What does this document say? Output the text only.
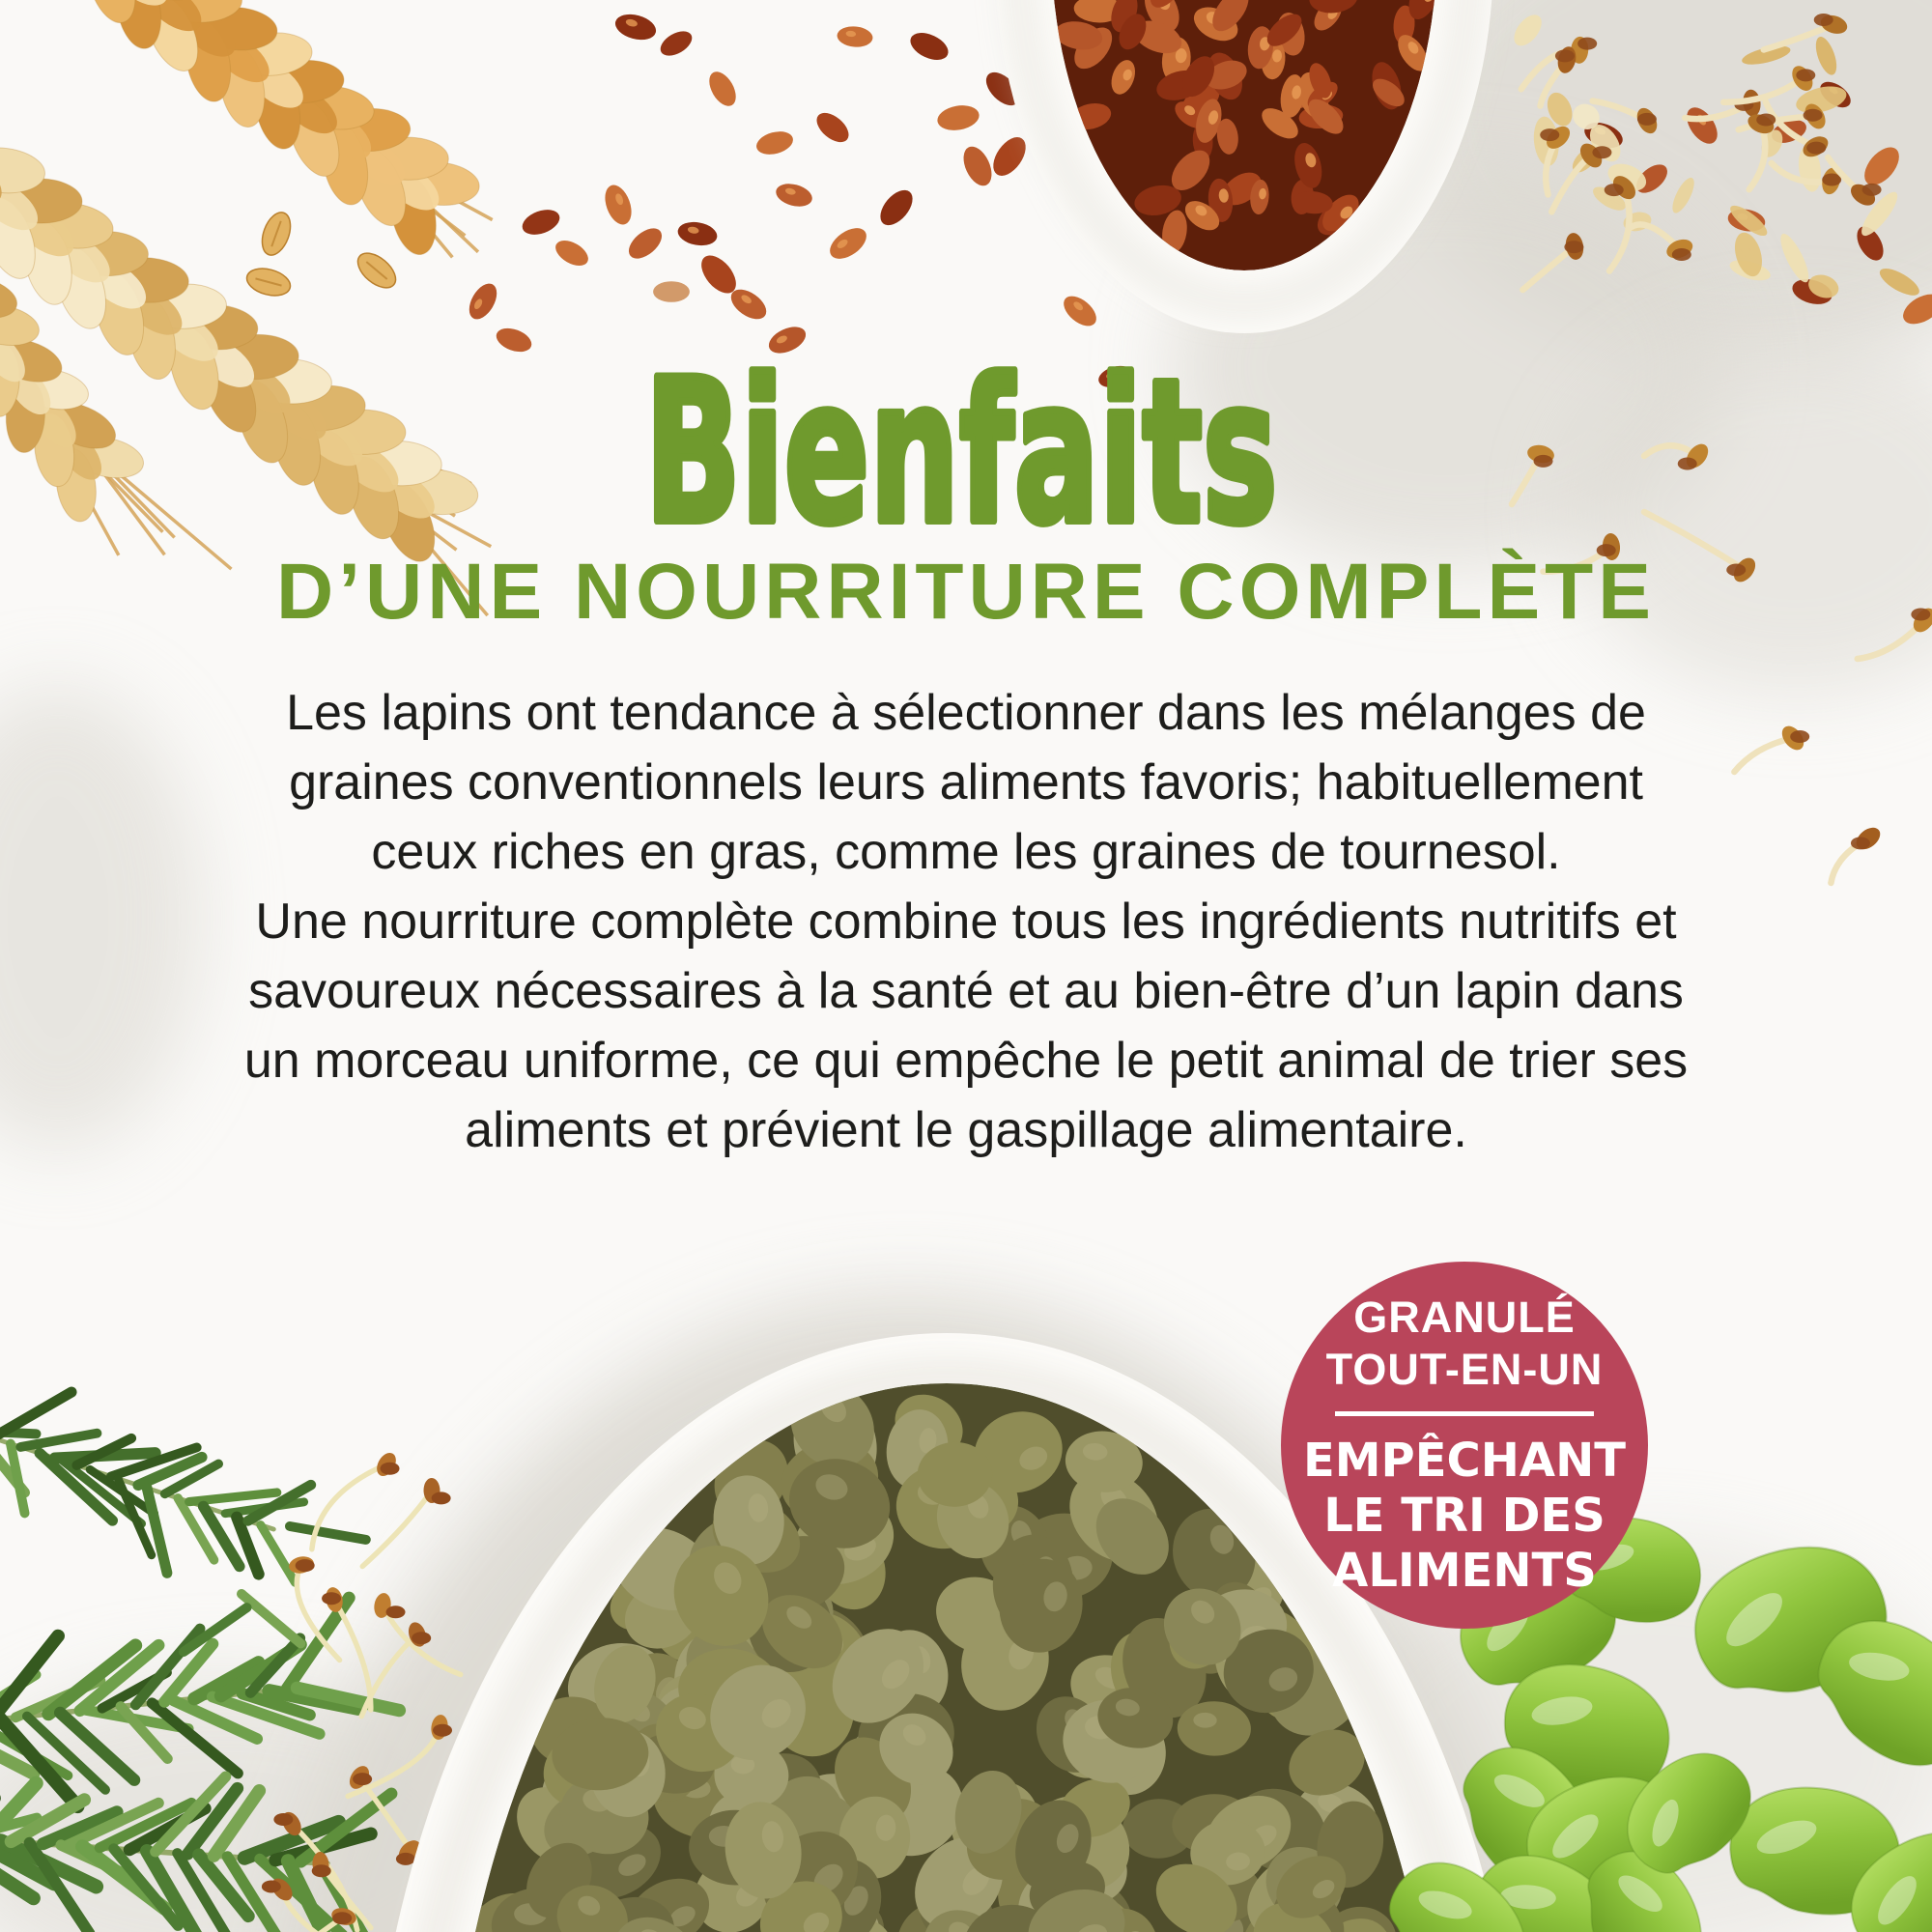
Bienfaits
D’UNE NOURRITURE COMPLÈTE
Les lapins ont tendance à sélectionner dans les mélanges de
graines conventionnels leurs aliments favoris; habituellement
ceux riches en gras, comme les graines de tournesol.
Une nourriture complète combine tous les ingrédients nutritifs et
savoureux nécessaires à la santé et au bien-être d’un lapin dans
un morceau uniforme, ce qui empêche le petit animal de trier ses
aliments et prévient le gaspillage alimentaire.
GRANULÉ
TOUT-EN-UN
EMPÊCHANT
LE TRI DES
ALIMENTS
